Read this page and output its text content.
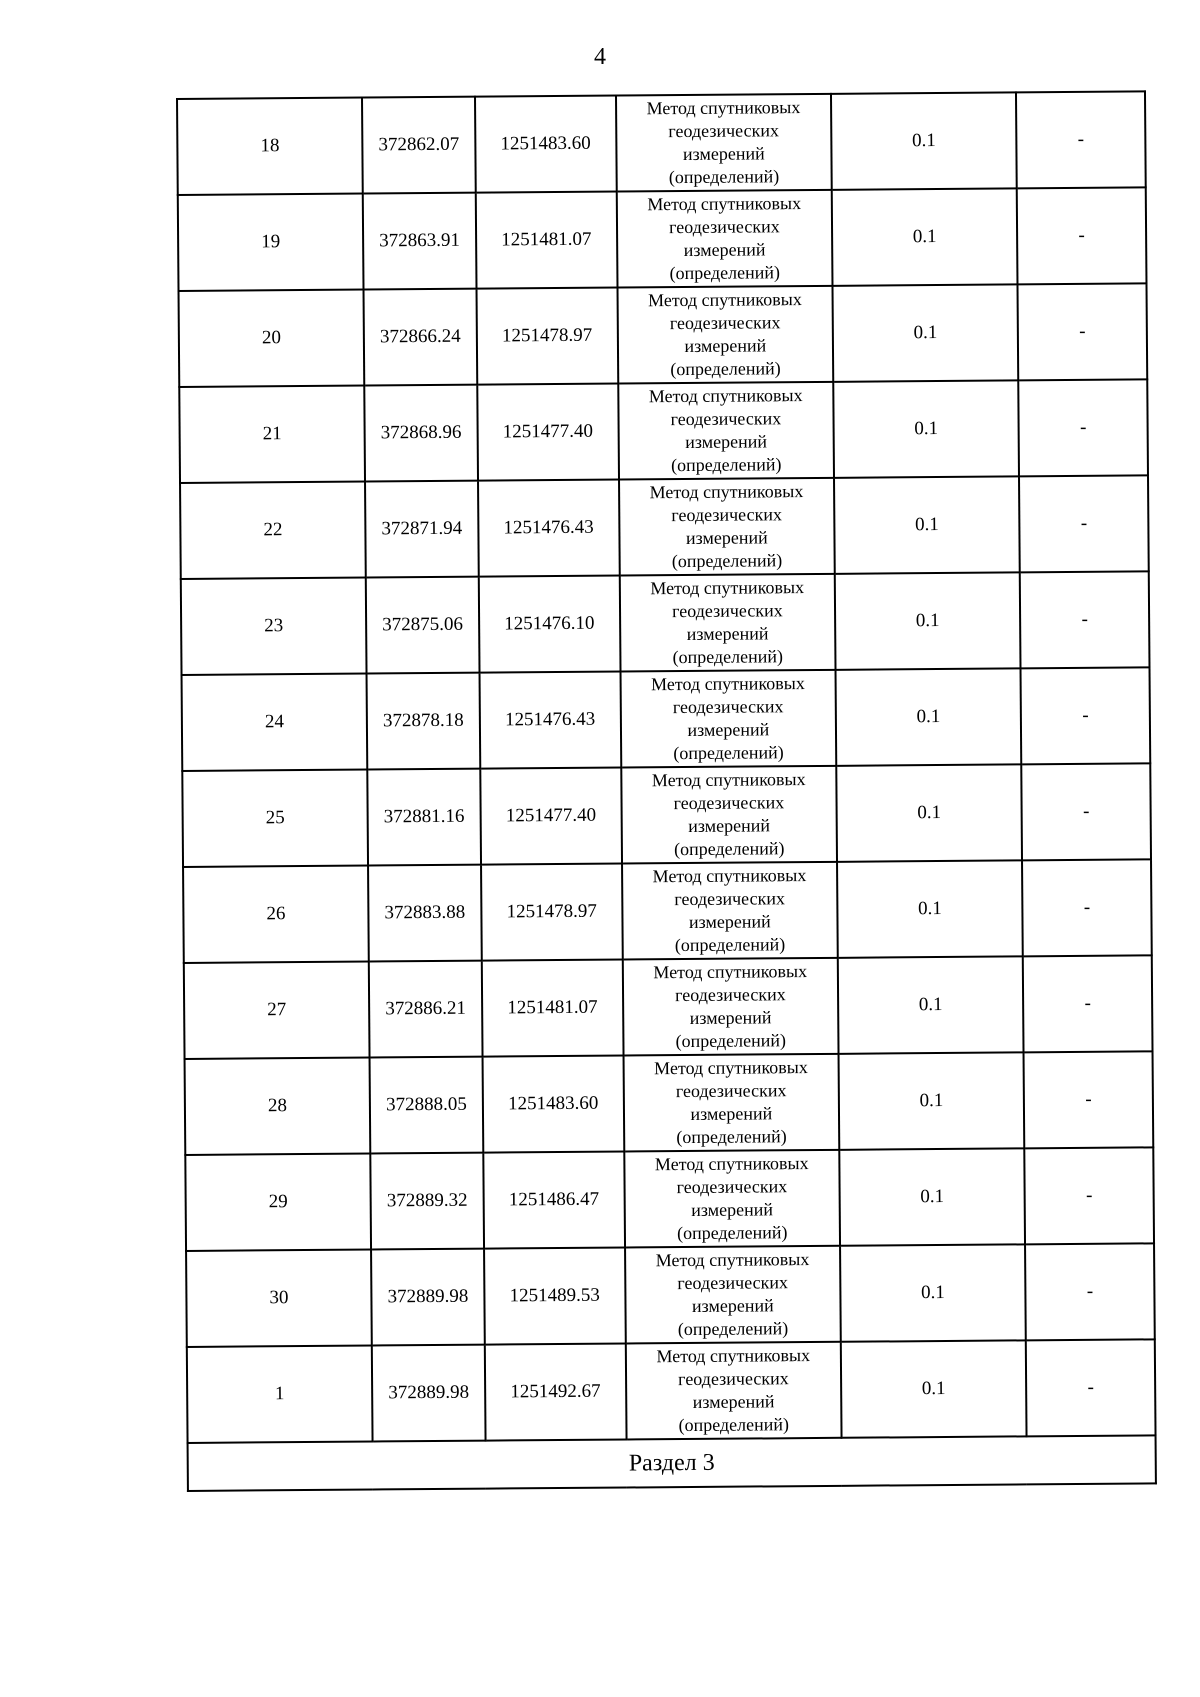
4
18	372862.07	1251483.60	Метод спутниковых
геодезических
измерений
(определений)	0.1	-
19	372863.91	1251481.07	Метод спутниковых
геодезических
измерений
(определений)	0.1	-
20	372866.24	1251478.97	Метод спутниковых
геодезических
измерений
(определений)	0.1	-
21	372868.96	1251477.40	Метод спутниковых
геодезических
измерений
(определений)	0.1	-
22	372871.94	1251476.43	Метод спутниковых
геодезических
измерений
(определений)	0.1	-
23	372875.06	1251476.10	Метод спутниковых
геодезических
измерений
(определений)	0.1	-
24	372878.18	1251476.43	Метод спутниковых
геодезических
измерений
(определений)	0.1	-
25	372881.16	1251477.40	Метод спутниковых
геодезических
измерений
(определений)	0.1	-
26	372883.88	1251478.97	Метод спутниковых
геодезических
измерений
(определений)	0.1	-
27	372886.21	1251481.07	Метод спутниковых
геодезических
измерений
(определений)	0.1	-
28	372888.05	1251483.60	Метод спутниковых
геодезических
измерений
(определений)	0.1	-
29	372889.32	1251486.47	Метод спутниковых
геодезических
измерений
(определений)	0.1	-
30	372889.98	1251489.53	Метод спутниковых
геодезических
измерений
(определений)	0.1	-
1	372889.98	1251492.67	Метод спутниковых
геодезических
измерений
(определений)	0.1	-
Раздел 3					
